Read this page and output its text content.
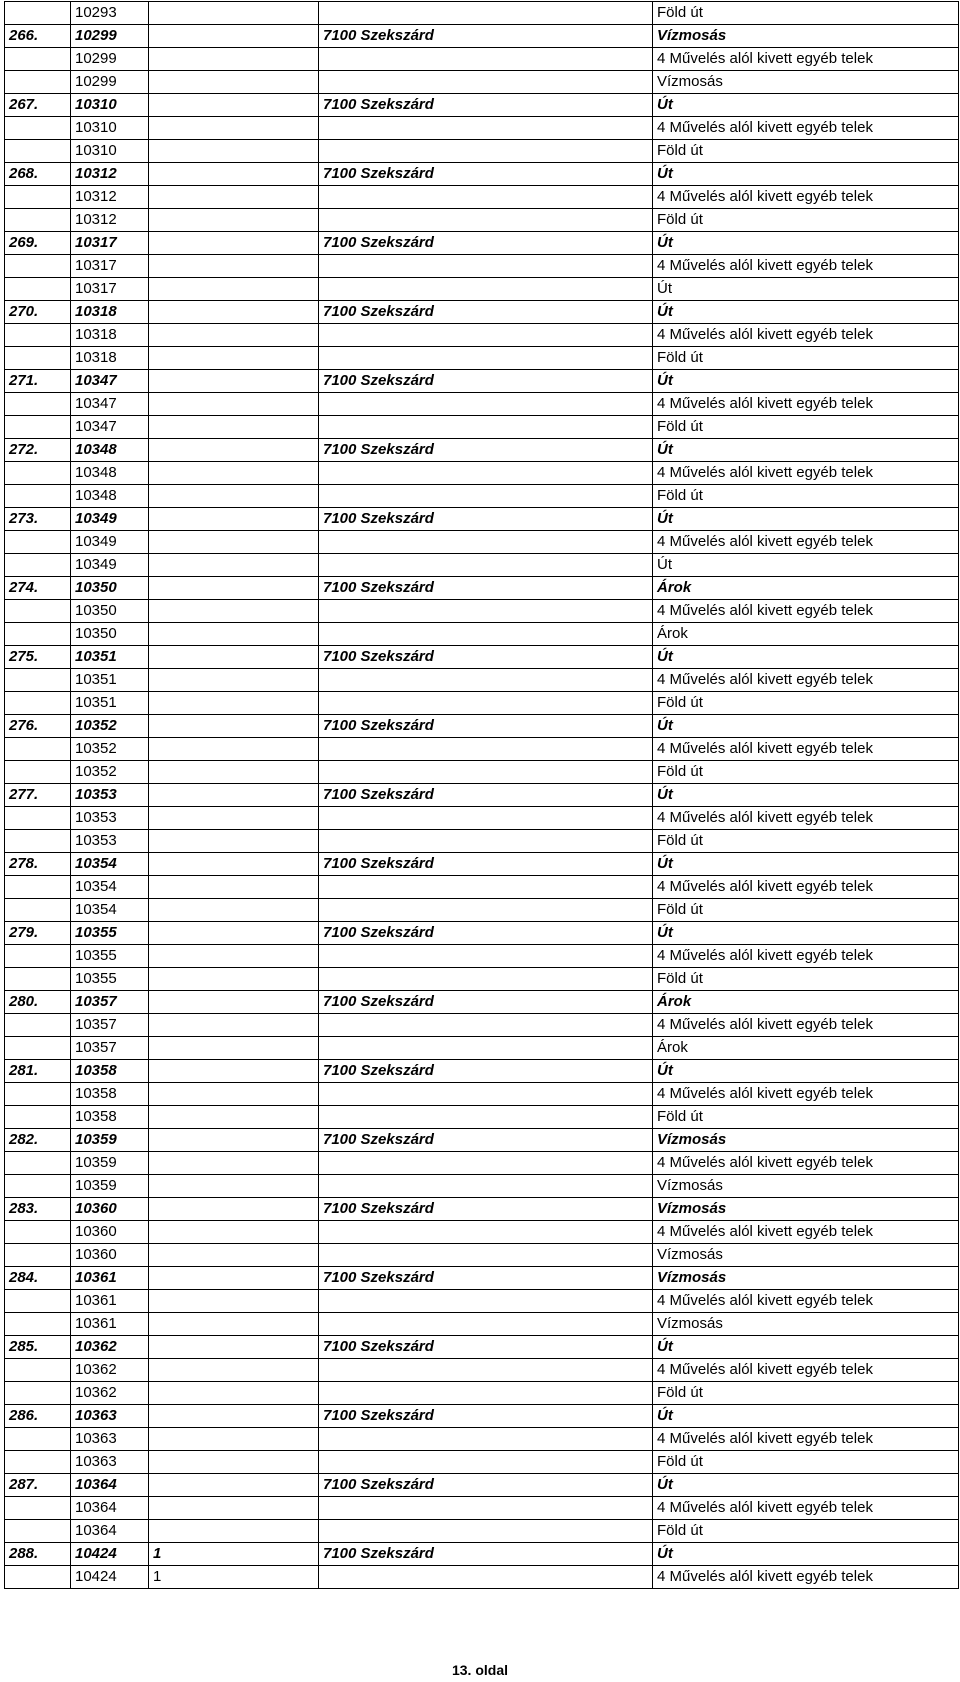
	10293			Föld út
266.	10299		7100 Szekszárd	Vízmosás
	10299			4 Művelés alól kivett egyéb telek
	10299			Vízmosás
267.	10310		7100 Szekszárd	Út
	10310			4 Művelés alól kivett egyéb telek
	10310			Föld út
268.	10312		7100 Szekszárd	Út
	10312			4 Művelés alól kivett egyéb telek
	10312			Föld út
269.	10317		7100 Szekszárd	Út
	10317			4 Művelés alól kivett egyéb telek
	10317			Út
270.	10318		7100 Szekszárd	Út
	10318			4 Művelés alól kivett egyéb telek
	10318			Föld út
271.	10347		7100 Szekszárd	Út
	10347			4 Művelés alól kivett egyéb telek
	10347			Föld út
272.	10348		7100 Szekszárd	Út
	10348			4 Művelés alól kivett egyéb telek
	10348			Föld út
273.	10349		7100 Szekszárd	Út
	10349			4 Művelés alól kivett egyéb telek
	10349			Út
274.	10350		7100 Szekszárd	Árok
	10350			4 Művelés alól kivett egyéb telek
	10350			Árok
275.	10351		7100 Szekszárd	Út
	10351			4 Művelés alól kivett egyéb telek
	10351			Föld út
276.	10352		7100 Szekszárd	Út
	10352			4 Művelés alól kivett egyéb telek
	10352			Föld út
277.	10353		7100 Szekszárd	Út
	10353			4 Művelés alól kivett egyéb telek
	10353			Föld út
278.	10354		7100 Szekszárd	Út
	10354			4 Művelés alól kivett egyéb telek
	10354			Föld út
279.	10355		7100 Szekszárd	Út
	10355			4 Művelés alól kivett egyéb telek
	10355			Föld út
280.	10357		7100 Szekszárd	Árok
	10357			4 Művelés alól kivett egyéb telek
	10357			Árok
281.	10358		7100 Szekszárd	Út
	10358			4 Művelés alól kivett egyéb telek
	10358			Föld út
282.	10359		7100 Szekszárd	Vízmosás
	10359			4 Művelés alól kivett egyéb telek
	10359			Vízmosás
283.	10360		7100 Szekszárd	Vízmosás
	10360			4 Művelés alól kivett egyéb telek
	10360			Vízmosás
284.	10361		7100 Szekszárd	Vízmosás
	10361			4 Művelés alól kivett egyéb telek
	10361			Vízmosás
285.	10362		7100 Szekszárd	Út
	10362			4 Művelés alól kivett egyéb telek
	10362			Föld út
286.	10363		7100 Szekszárd	Út
	10363			4 Művelés alól kivett egyéb telek
	10363			Föld út
287.	10364		7100 Szekszárd	Út
	10364			4 Művelés alól kivett egyéb telek
	10364			Föld út
288.	10424	1	7100 Szekszárd	Út
	10424	1		4 Művelés alól kivett egyéb telek
13. oldal
